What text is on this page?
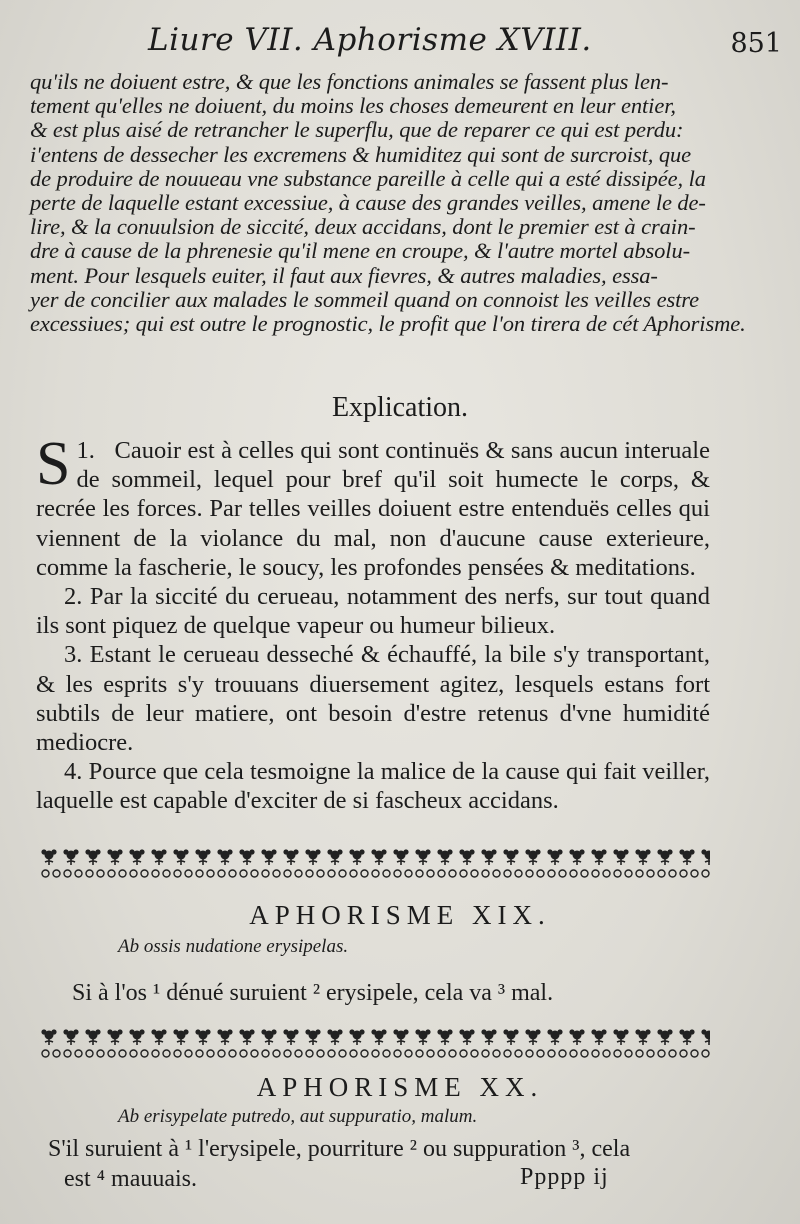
Liure VII. Aphorisme XVIII.	851
qu'ils ne doiuent estre, & que les fonctions animales se fassent plus len-
tement qu'elles ne doiuent, du moins les choses demeurent en leur entier,
& est plus aisé de retrancher le superflu, que de reparer ce qui est perdu:
i'entens de dessecher les excremens & humiditez qui sont de surcroist, que
de produire de nouueau vne substance pareille à celle qui a esté dissipée, la
perte de laquelle estant excessiue, à cause des grandes veilles, amene le de-
lire, & la conuulsion de siccité, deux accidans, dont le premier est à crain-
dre à cause de la phrenesie qu'il mene en croupe, & l'autre mortel absolu-
ment. Pour lesquels euiter, il faut aux fievres, & autres maladies, essa-
yer de concilier aux malades le sommeil quand on connoist les veilles estre
excessiues; qui est outre le prognostic, le profit que l'on tirera de cét Aphorisme.
Explication.

1.
S Cauoir est à celles qui sont continuës & sans aucun interuale de sommeil, lequel pour bref qu'il soit humecte le corps, & recrée les forces. Par telles veilles doiuent estre entenduës celles qui viennent de la violance du mal, non d'aucune cause exterieure, comme la fascherie, le soucy, les profondes pensées & meditations.

2. Par la siccité du cerueau, notamment des nerfs, sur tout quand ils sont piquez de quelque vapeur ou humeur bilieux.

3. Estant le cerueau desseché & échauffé, la bile s'y transportant, & les esprits s'y trouuans diuersement agitez, lesquels estans fort subtils de leur matiere, ont besoin d'estre retenus d'vne humidité mediocre.

4. Pource que cela tesmoigne la malice de la cause qui fait veiller, laquelle est capable d'exciter de si fascheux accidans.

APHORISME XIX.
Ab ossis nudatione erysipelas.
Si à l'os ¹ dénué suruient ² erysipele, cela va ³ mal.
APHORISME XX.
Ab erisypelate putredo, aut suppuratio, malum.
S'il suruient à ¹ l'erysipele, pourriture ² ou suppuration ³, cela
est ⁴ mauuais.	Ppppp ij
